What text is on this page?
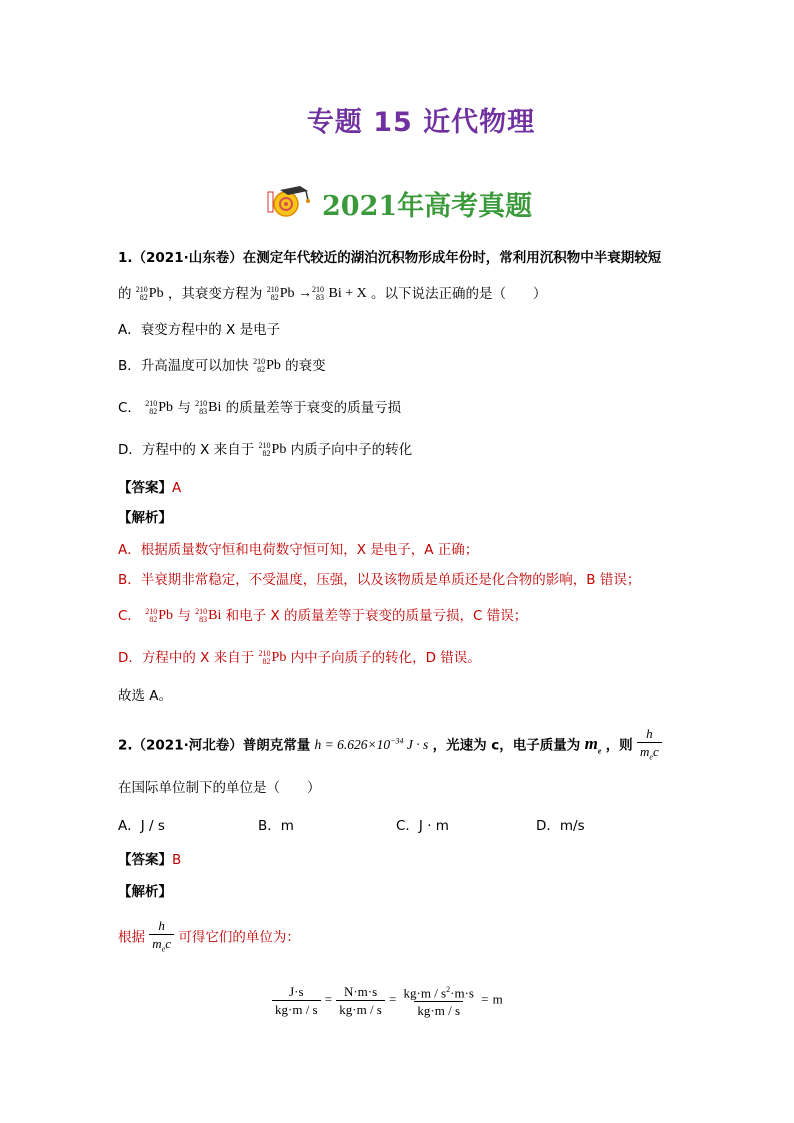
专题 15 近代物理
2021年高考真题
1.（2021·山东卷）在测定年代较近的湖泊沉积物形成年份时，常利用沉积物中半衰期较短
的 210
82 Pb ，其衰变方程为 210
82 Pb → 210
83 Bi + X 。以下说法正确的是（　　）
A．衰变方程中的 X 是电子
B．升高温度可以加快 210
82 Pb 的衰变
C． 210
82 Pb 与 210
83 Bi 的质量差等于衰变的质量亏损
D．方程中的 X 来自于 210
82 Pb 内质子向中子的转化
【答案】A
【解析】
A．根据质量数守恒和电荷数守恒可知，X 是电子，A 正确；
B．半衰期非常稳定，不受温度，压强，以及该物质是单质还是化合物的影响，B 错误；
C． 210
82 Pb 与 210
83 Bi 和电子 X 的质量差等于衰变的质量亏损，C 错误；
D．方程中的 X 来自于 210
82 Pb 内中子向质子的转化，D 错误。
故选 A。
2.（2021·河北卷）普朗克常量 $h = 6.626\times 10^{-34}$ J · s ，光速为 c，电子质量为 $m_e$ ，则 $\frac{h}{m_ec}$
在国际单位制下的单位是（　　）
A．J / s	B．m	C．J · m	D．m/s
【答案】B
【解析】
根据 $\frac{h}{m_ec}$ 可得它们的单位为：
$\frac{J\cdot s}{kg\cdot m / s} = \frac{N\cdot m\cdot s}{kg\cdot m / s} = \frac{kg\cdot m / s^2\cdot m\cdot s}{kg\cdot m / s} = m$
